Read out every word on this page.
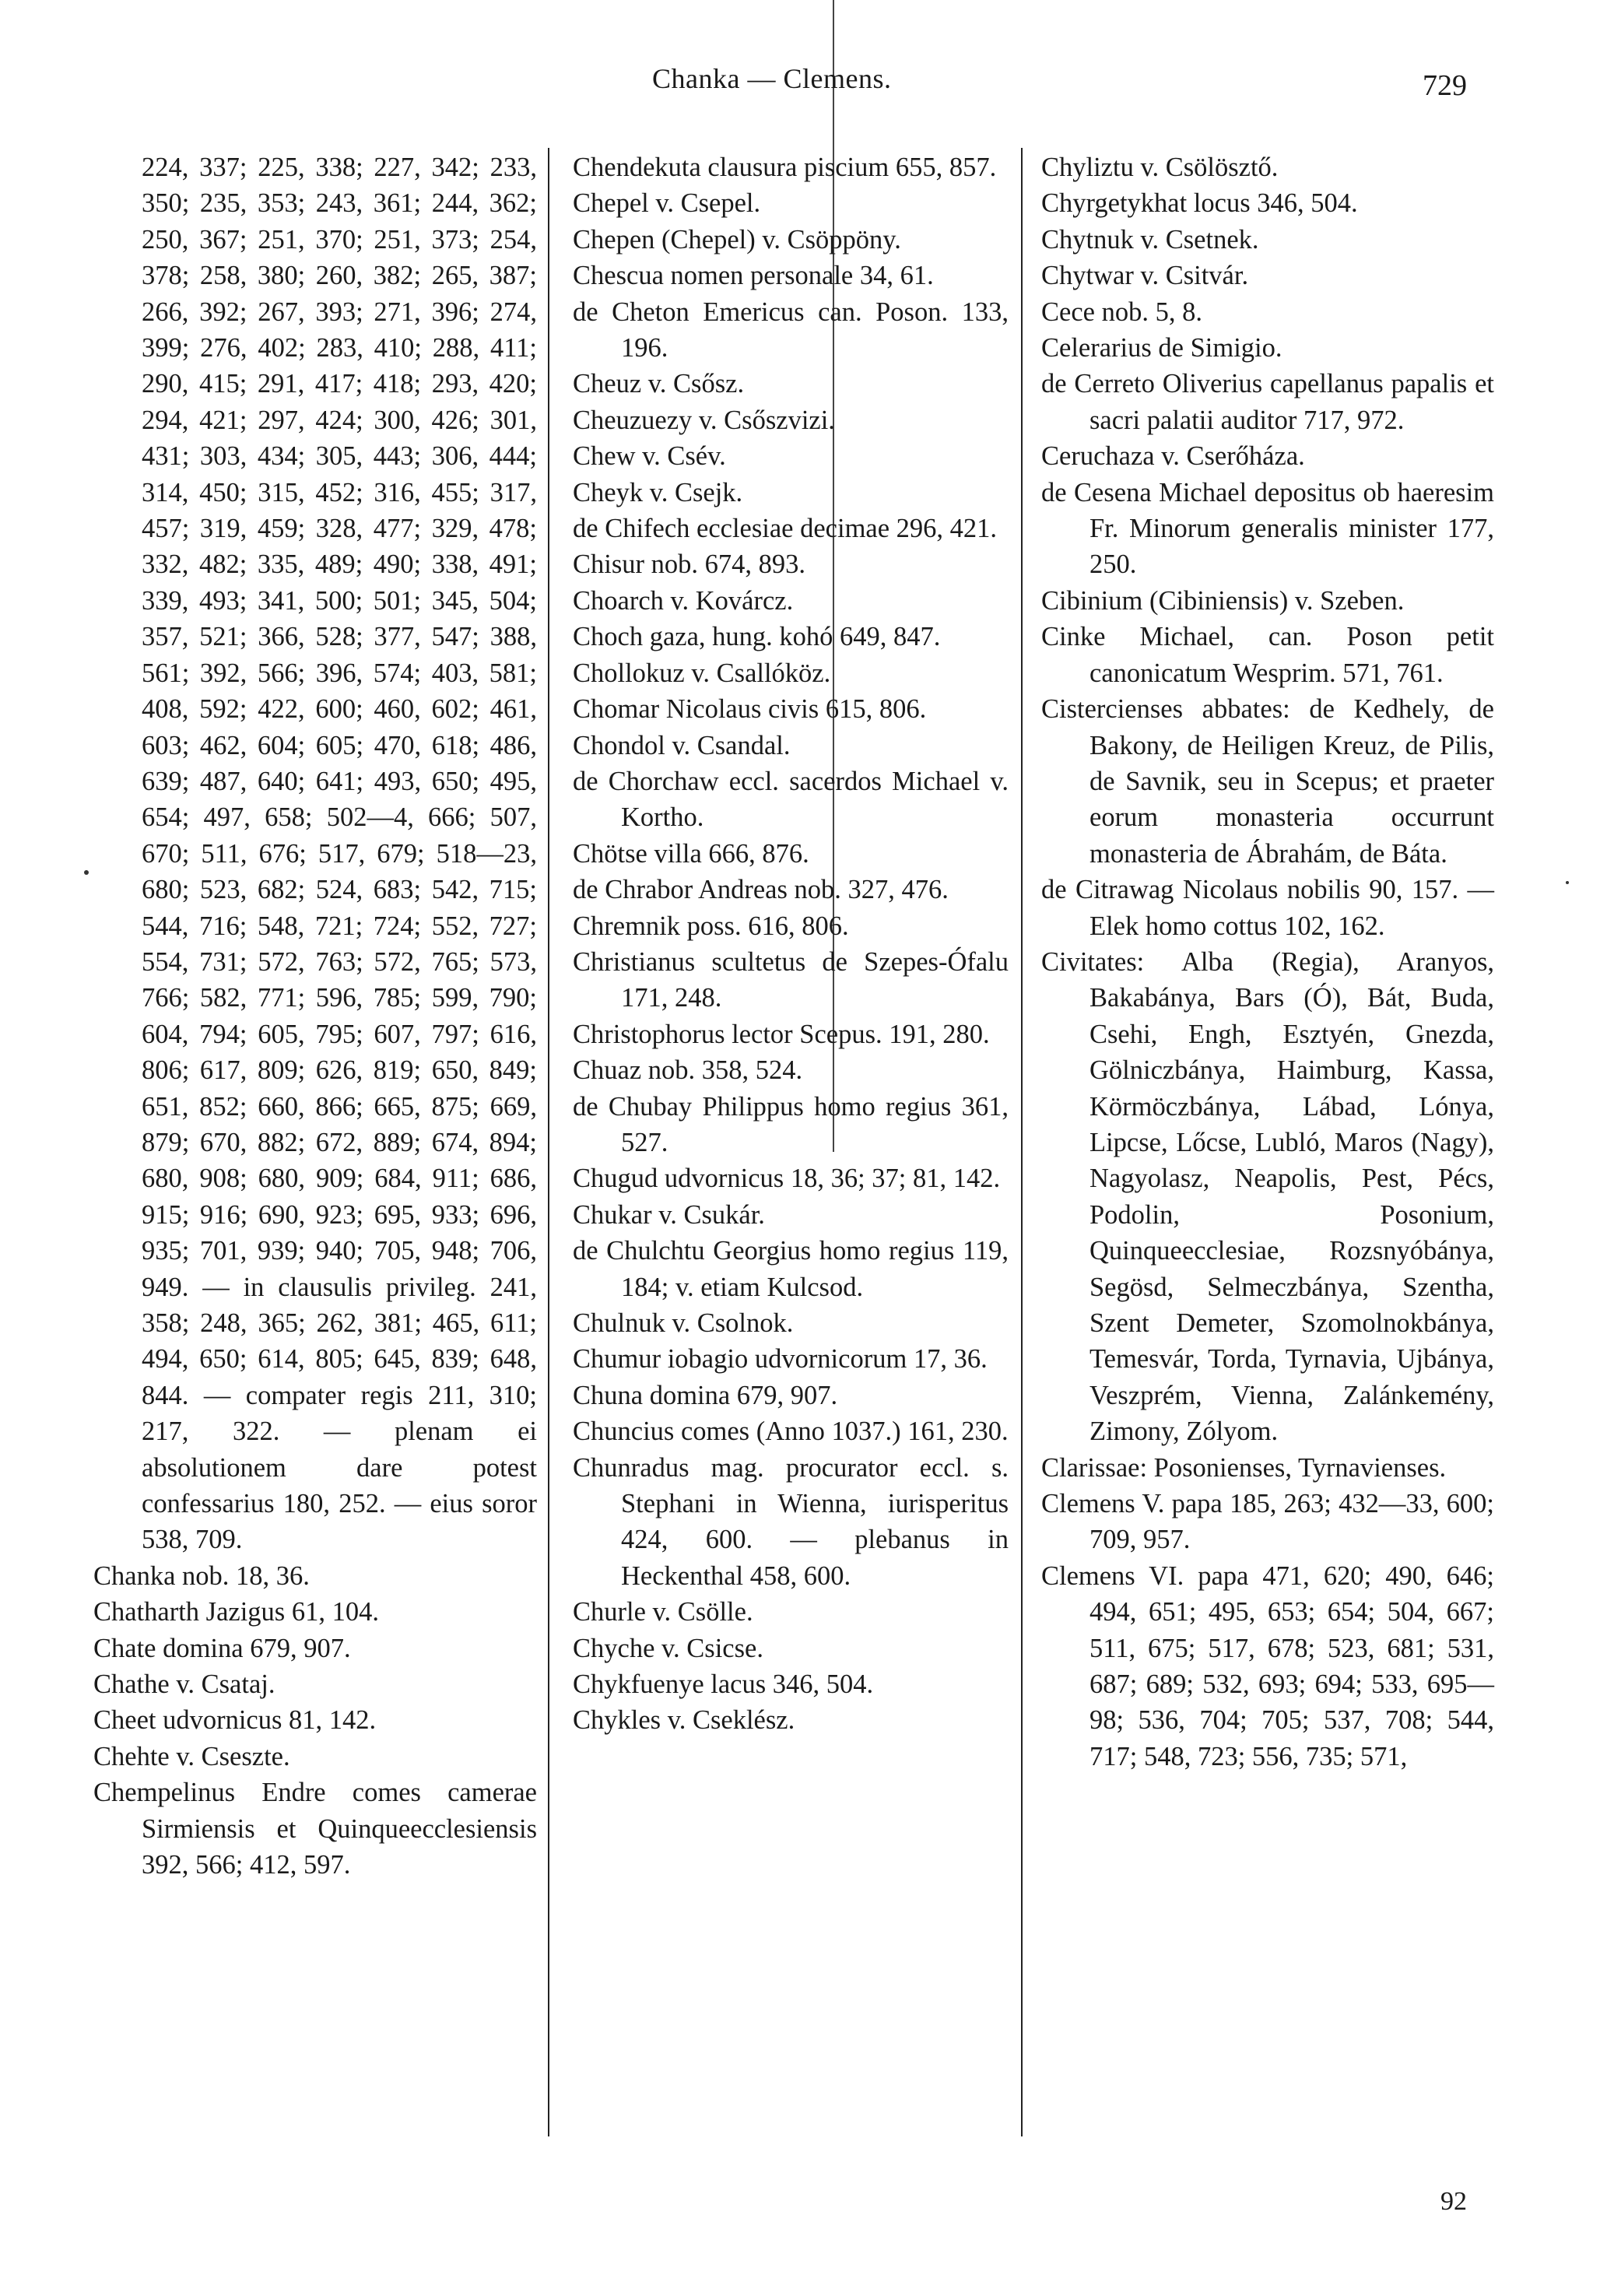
Chanka — Clemens.	729

224, 337; 225, 338; 227, 342; 233, 350; 235, 353; 243, 361; 244, 362; 250, 367; 251, 370; 251, 373; 254, 378; 258, 380; 260, 382; 265, 387; 266, 392; 267, 393; 271, 396; 274, 399; 276, 402; 283, 410; 288, 411; 290, 415; 291, 417; 418; 293, 420; 294, 421; 297, 424; 300, 426; 301, 431; 303, 434; 305, 443; 306, 444; 314, 450; 315, 452; 316, 455; 317, 457; 319, 459; 328, 477; 329, 478; 332, 482; 335, 489; 490; 338, 491; 339, 493; 341, 500; 501; 345, 504; 357, 521; 366, 528; 377, 547; 388, 561; 392, 566; 396, 574; 403, 581; 408, 592; 422, 600; 460, 602; 461, 603; 462, 604; 605; 470, 618; 486, 639; 487, 640; 641; 493, 650; 495, 654; 497, 658; 502—4, 666; 507, 670; 511, 676; 517, 679; 518—23, 680; 523, 682; 524, 683; 542, 715; 544, 716; 548, 721; 724; 552, 727; 554, 731; 572, 763; 572, 765; 573, 766; 582, 771; 596, 785; 599, 790; 604, 794; 605, 795; 607, 797; 616, 806; 617, 809; 626, 819; 650, 849; 651, 852; 660, 866; 665, 875; 669, 879; 670, 882; 672, 889; 674, 894; 680, 908; 680, 909; 684, 911; 686, 915; 916; 690, 923; 695, 933; 696, 935; 701, 939; 940; 705, 948; 706, 949. — in clausulis privileg. 241, 358; 248, 365; 262, 381; 465, 611; 494, 650; 614, 805; 645, 839; 648, 844. — compater regis 211, 310; 217, 322. — plenam ei absolutionem dare potest confessarius 180, 252. — eius soror 538, 709.

Chanka nob. 18, 36.

Chatharth Jazigus 61, 104.

Chate domina 679, 907.

Chathe v. Csataj.

Cheet udvornicus 81, 142.

Chehte v. Cseszte.

Chempelinus Endre comes camerae Sirmiensis et Quinqueecclesiensis 392, 566; 412, 597.

Chendekuta clausura piscium 655, 857.

Chepel v. Csepel.

Chepen (Chepel) v. Csöppöny.

Chescua nomen personale 34, 61.

de Cheton Emericus can. Poson. 133, 196.

Cheuz v. Csősz.

Cheuzuezy v. Csőszvizi.

Chew v. Csév.

Cheyk v. Csejk.

de Chifech ecclesiae decimae 296, 421.

Chisur nob. 674, 893.

Choarch v. Kovárcz.

Choch gaza, hung. kohó 649, 847.

Chollokuz v. Csallóköz.

Chomar Nicolaus civis 615, 806.

Chondol v. Csandal.

de Chorchaw eccl. sacerdos Michael v. Kortho.

Chötse villa 666, 876.

de Chrabor Andreas nob. 327, 476.

Chremnik poss. 616, 806.

Christianus scultetus de Szepes-Ófalu 171, 248.

Christophorus lector Scepus. 191, 280.

Chuaz nob. 358, 524.

de Chubay Philippus homo regius 361, 527.

Chugud udvornicus 18, 36; 37; 81, 142.

Chukar v. Csukár.

de Chulchtu Georgius homo regius 119, 184; v. etiam Kulcsod.

Chulnuk v. Csolnok.

Chumur iobagio udvornicorum 17, 36.

Chuna domina 679, 907.

Chuncius comes (Anno 1037.) 161, 230.

Chunradus mag. procurator eccl. s. Stephani in Wienna, iurisperitus 424, 600. — plebanus in Heckenthal 458, 600.

Churle v. Csölle.

Chyche v. Csicse.

Chykfuenye lacus 346, 504.

Chykles v. Cseklész.

Chyliztu v. Csölösztő.

Chyrgetykhat locus 346, 504.

Chytnuk v. Csetnek.

Chytwar v. Csitvár.

Cece nob. 5, 8.

Celerarius de Simigio.

de Cerreto Oliverius capellanus papalis et sacri palatii auditor 717, 972.

Ceruchaza v. Cserőháza.

de Cesena Michael depositus ob haeresim Fr. Minorum generalis minister 177, 250.

Cibinium (Cibiniensis) v. Szeben.

Cinke Michael, can. Poson petit canonicatum Wesprim. 571, 761.

Cistercienses abbates: de Kedhely, de Bakony, de Heiligen Kreuz, de Pilis, de Savnik, seu in Scepus; et praeter eorum monasteria occurrunt monasteria de Ábrahám, de Báta.

de Citrawag Nicolaus nobilis 90, 157. — Elek homo cottus 102, 162.

Civitates: Alba (Regia), Aranyos, Bakabánya, Bars (Ó), Bát, Buda, Csehi, Engh, Esztyén, Gnezda, Gölniczbánya, Haimburg, Kassa, Körmöczbánya, Lábad, Lónya, Lipcse, Lőcse, Lubló, Maros (Nagy), Nagyolasz, Neapolis, Pest, Pécs, Podolin, Posonium, Quinqueecclesiae, Rozsnyóbánya, Segösd, Selmeczbánya, Szentha, Szent Demeter, Szomolnokbánya, Temesvár, Torda, Tyrnavia, Ujbánya, Veszprém, Vienna, Zalánkemény, Zimony, Zólyom.

Clarissae: Posonienses, Tyrnavienses.

Clemens V. papa 185, 263; 432—33, 600; 709, 957.

Clemens VI. papa 471, 620; 490, 646; 494, 651; 495, 653; 654; 504, 667; 511, 675; 517, 678; 523, 681; 531, 687; 689; 532, 693; 694; 533, 695—98; 536, 704; 705; 537, 708; 544, 717; 548, 723; 556, 735; 571,

92
